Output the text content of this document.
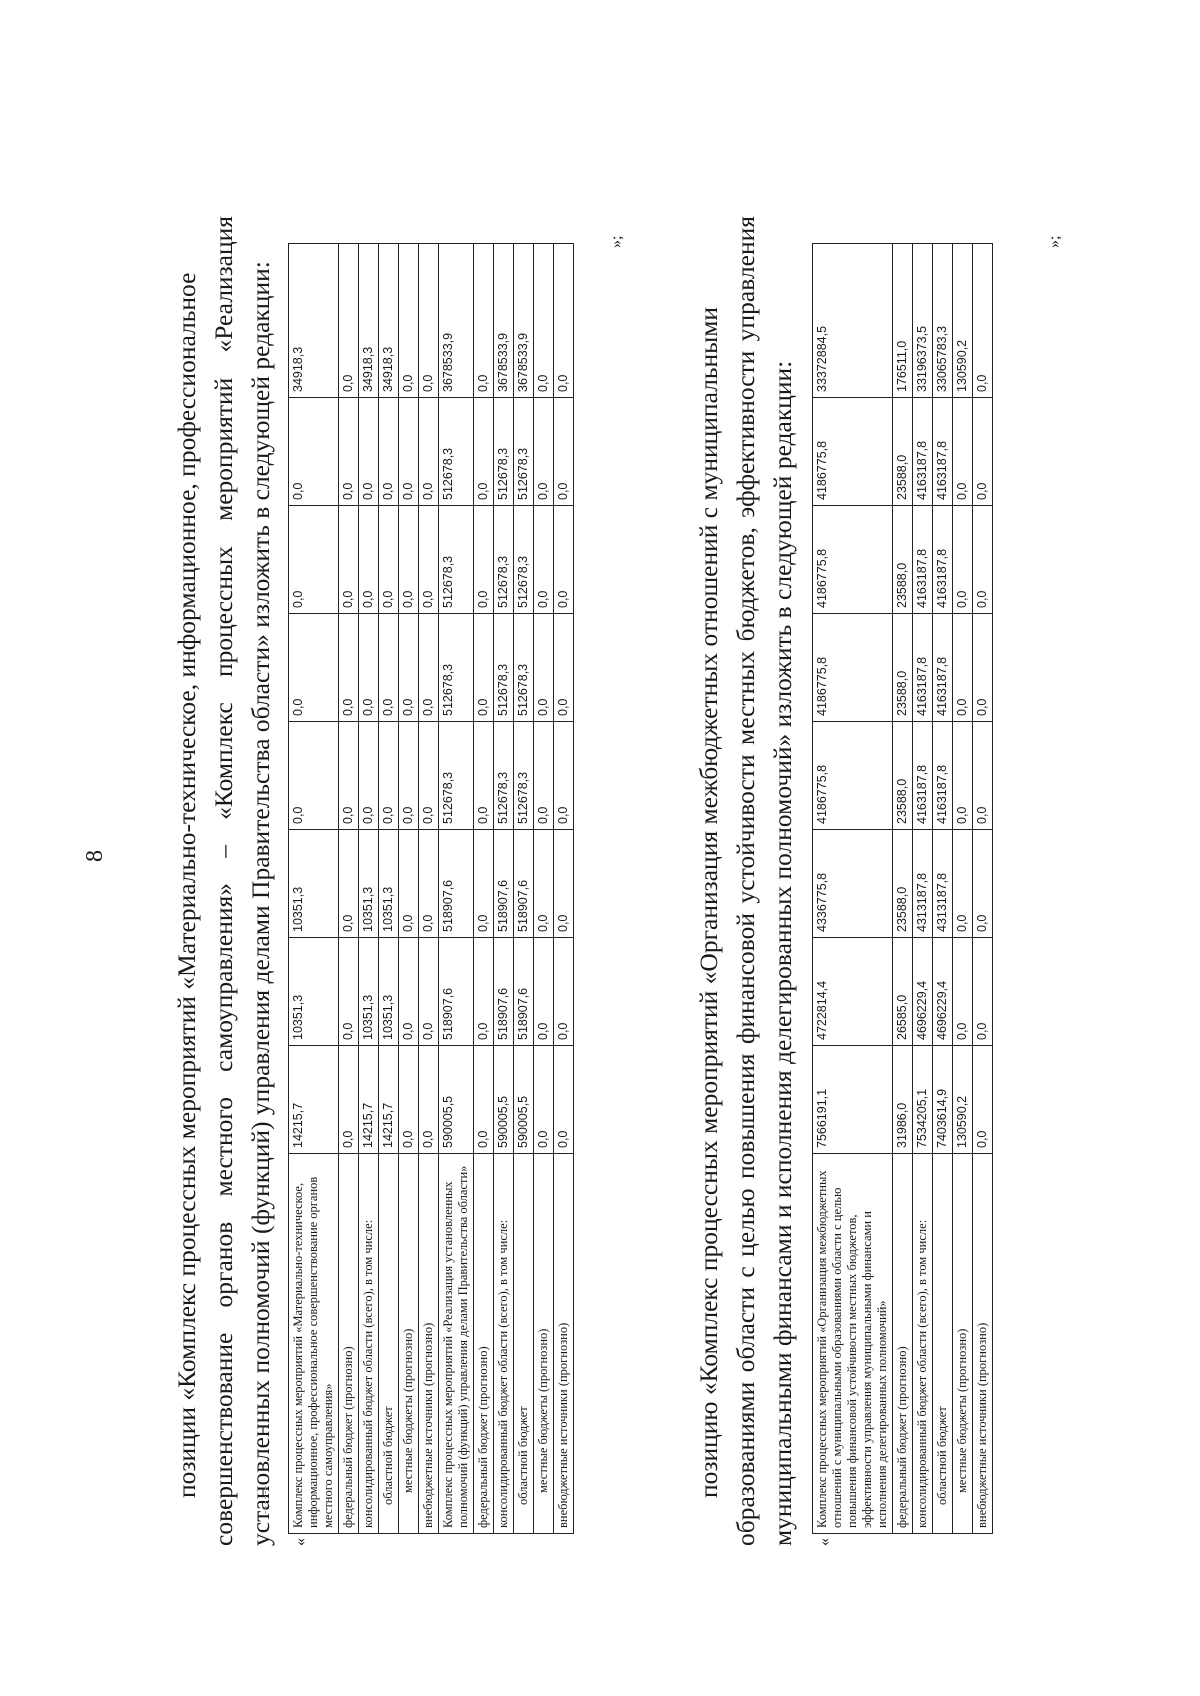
8	позиции «Комплекс процессных мероприятий «Материально-техническое, информационное, профессиональное совершенствование органов местного самоуправления» – «Комплекс процессных мероприятий «Реализация установленных полномочий (функций) управления делами Правительства области» изложить в следующей редакции: «
Комплекс процессных мероприятий «Материально-техническое, информационное, профессиональное совершенствование органов местного самоуправления»	14215,7	10351,3	10351,3	0,0	0,0	0,0	0,0	34918,3
федеральный бюджет (прогнозно)	0,0	0,0	0,0	0,0	0,0	0,0	0,0	0,0
консолидированный бюджет области (всего), в том числе:	14215,7	10351,3	10351,3	0,0	0,0	0,0	0,0	34918,3
областной бюджет	14215,7	10351,3	10351,3	0,0	0,0	0,0	0,0	34918,3
местные бюджеты (прогнозно)	0,0	0,0	0,0	0,0	0,0	0,0	0,0	0,0
внебюджетные источники (прогнозно)	0,0	0,0	0,0	0,0	0,0	0,0	0,0	0,0
Комплекс процессных мероприятий «Реализация установленных полномочий (функций) управления делами Правительства области»	590005,5	518907,6	518907,6	512678,3	512678,3	512678,3	512678,3	3678533,9
федеральный бюджет (прогнозно)	0,0	0,0	0,0	0,0	0,0	0,0	0,0	0,0
консолидированный бюджет области (всего), в том числе:	590005,5	518907,6	518907,6	512678,3	512678,3	512678,3	512678,3	3678533,9
областной бюджет	590005,5	518907,6	518907,6	512678,3	512678,3	512678,3	512678,3	3678533,9
местные бюджеты (прогнозно)	0,0	0,0	0,0	0,0	0,0	0,0	0,0	0,0
внебюджетные источники (прогнозно)	0,0	0,0	0,0	0,0	0,0	0,0	0,0	0,0
»;
позицию «Комплекс процессных мероприятий «Организация межбюджетных отношений с муниципальными образованиями области с целью повышения финансовой устойчивости местных бюджетов, эффективности управления муниципальными финансами и исполнения делегированных полномочий» изложить в следующей редакции: «
Комплекс процессных мероприятий «Организация межбюджетных отношений с муниципальными образованиями области с целью повышения финансовой устойчивости местных бюджетов, эффективности управления муниципальными финансами и исполнения делегированных полномочий»	7566191,1	4722814,4	4336775,8	4186775,8	4186775,8	4186775,8	4186775,8	33372884,5
федеральный бюджет (прогнозно)	31986,0	26585,0	23588,0	23588,0	23588,0	23588,0	23588,0	176511,0
консолидированный бюджет области (всего), в том числе:	7534205,1	4696229,4	4313187,8	4163187,8	4163187,8	4163187,8	4163187,8	33196373,5
областной бюджет	7403614,9	4696229,4	4313187,8	4163187,8	4163187,8	4163187,8	4163187,8	33065783,3
местные бюджеты (прогнозно)	130590,2	0,0	0,0	0,0	0,0	0,0	0,0	130590,2
внебюджетные источники (прогнозно)	0,0	0,0	0,0	0,0	0,0	0,0	0,0	0,0
»;
